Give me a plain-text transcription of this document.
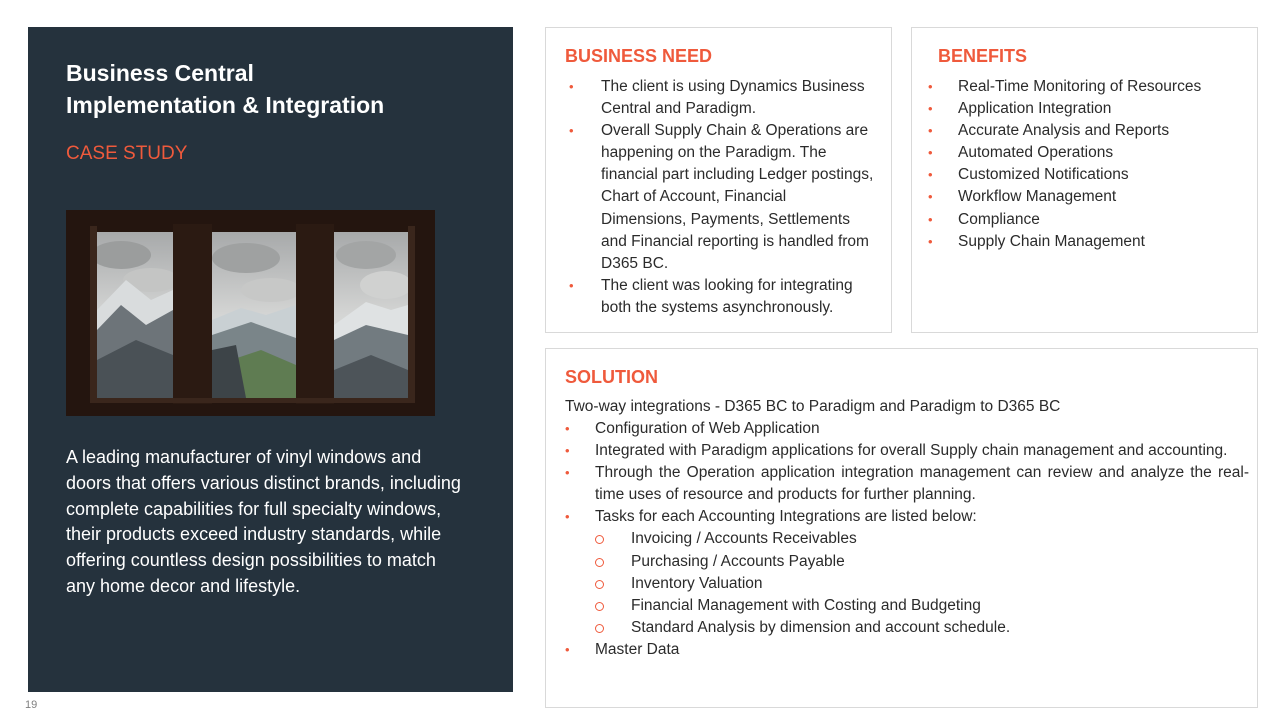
Business Central
Implementation & Integration
CASE STUDY
A leading manufacturer of vinyl windows and doors that offers various distinct brands, including complete capabilities for full specialty windows, their products exceed industry standards, while offering countless design possibilities to match any home decor and lifestyle.
BUSINESS NEED
• The client is using Dynamics Business Central and Paradigm.
• Overall Supply Chain & Operations are happening on the Paradigm. The financial part including Ledger postings, Chart of Account, Financial Dimensions, Payments, Settlements and Financial reporting is handled from D365 BC.
• The client was looking for integrating both the systems asynchronously.
BENEFITS
• Real-Time Monitoring of Resources
• Application Integration
• Accurate Analysis and Reports
• Automated Operations
• Customized Notifications
• Workflow Management
• Compliance
• Supply Chain Management
SOLUTION
Two-way integrations - D365 BC to Paradigm and Paradigm to D365 BC
• Configuration of Web Application
• Integrated with Paradigm applications for overall Supply chain management and accounting.
• Through the Operation application integration management can review and analyze the real-time uses of resource and products for further planning.
• Tasks for each Accounting Integrations are listed below:
Invoicing / Accounts Receivables
Purchasing / Accounts Payable
Inventory Valuation
Financial Management with Costing and Budgeting
Standard Analysis by dimension and account schedule.
• Master Data
19
